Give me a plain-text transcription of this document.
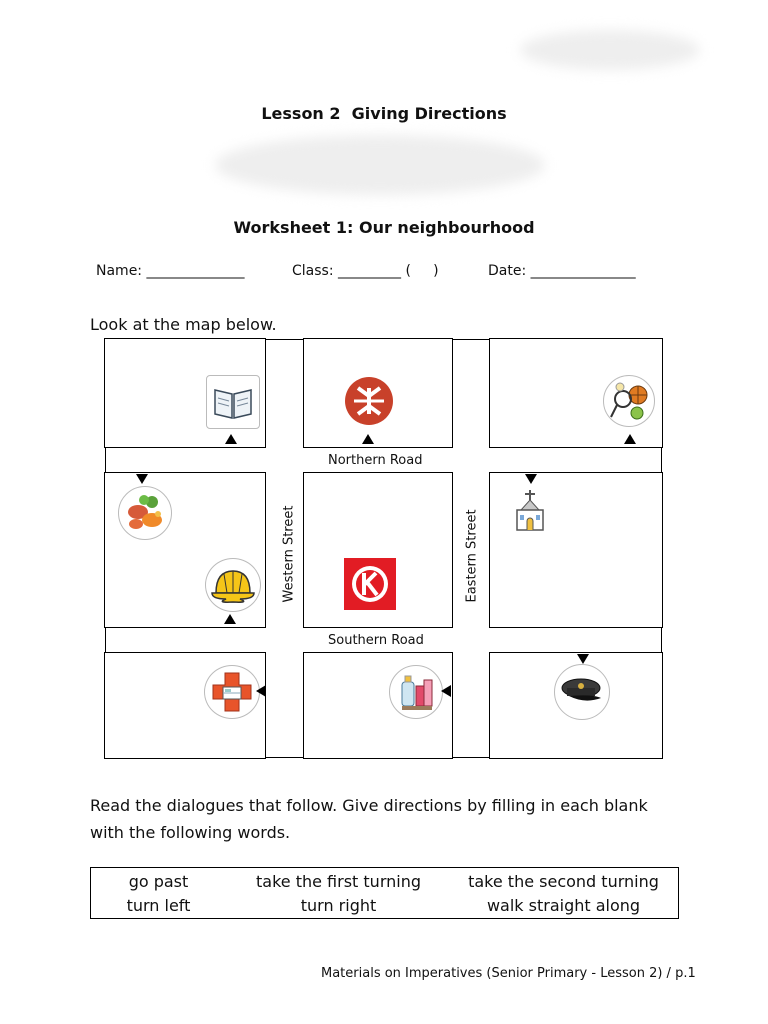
Lesson 2  Giving Directions
Worksheet 1: Our neighbourhood
Name: ______________	Class: _________ (     )	Date: _______________
Look at the map below.
Northern Road
Southern Road
Western Street	Eastern Street
Read the dialogues that follow. Give directions by filling in each blank
with the following words.
go past	take the first turning	take the second turning
turn left	turn right	walk straight along
Materials on Imperatives (Senior Primary - Lesson 2) / p.1
